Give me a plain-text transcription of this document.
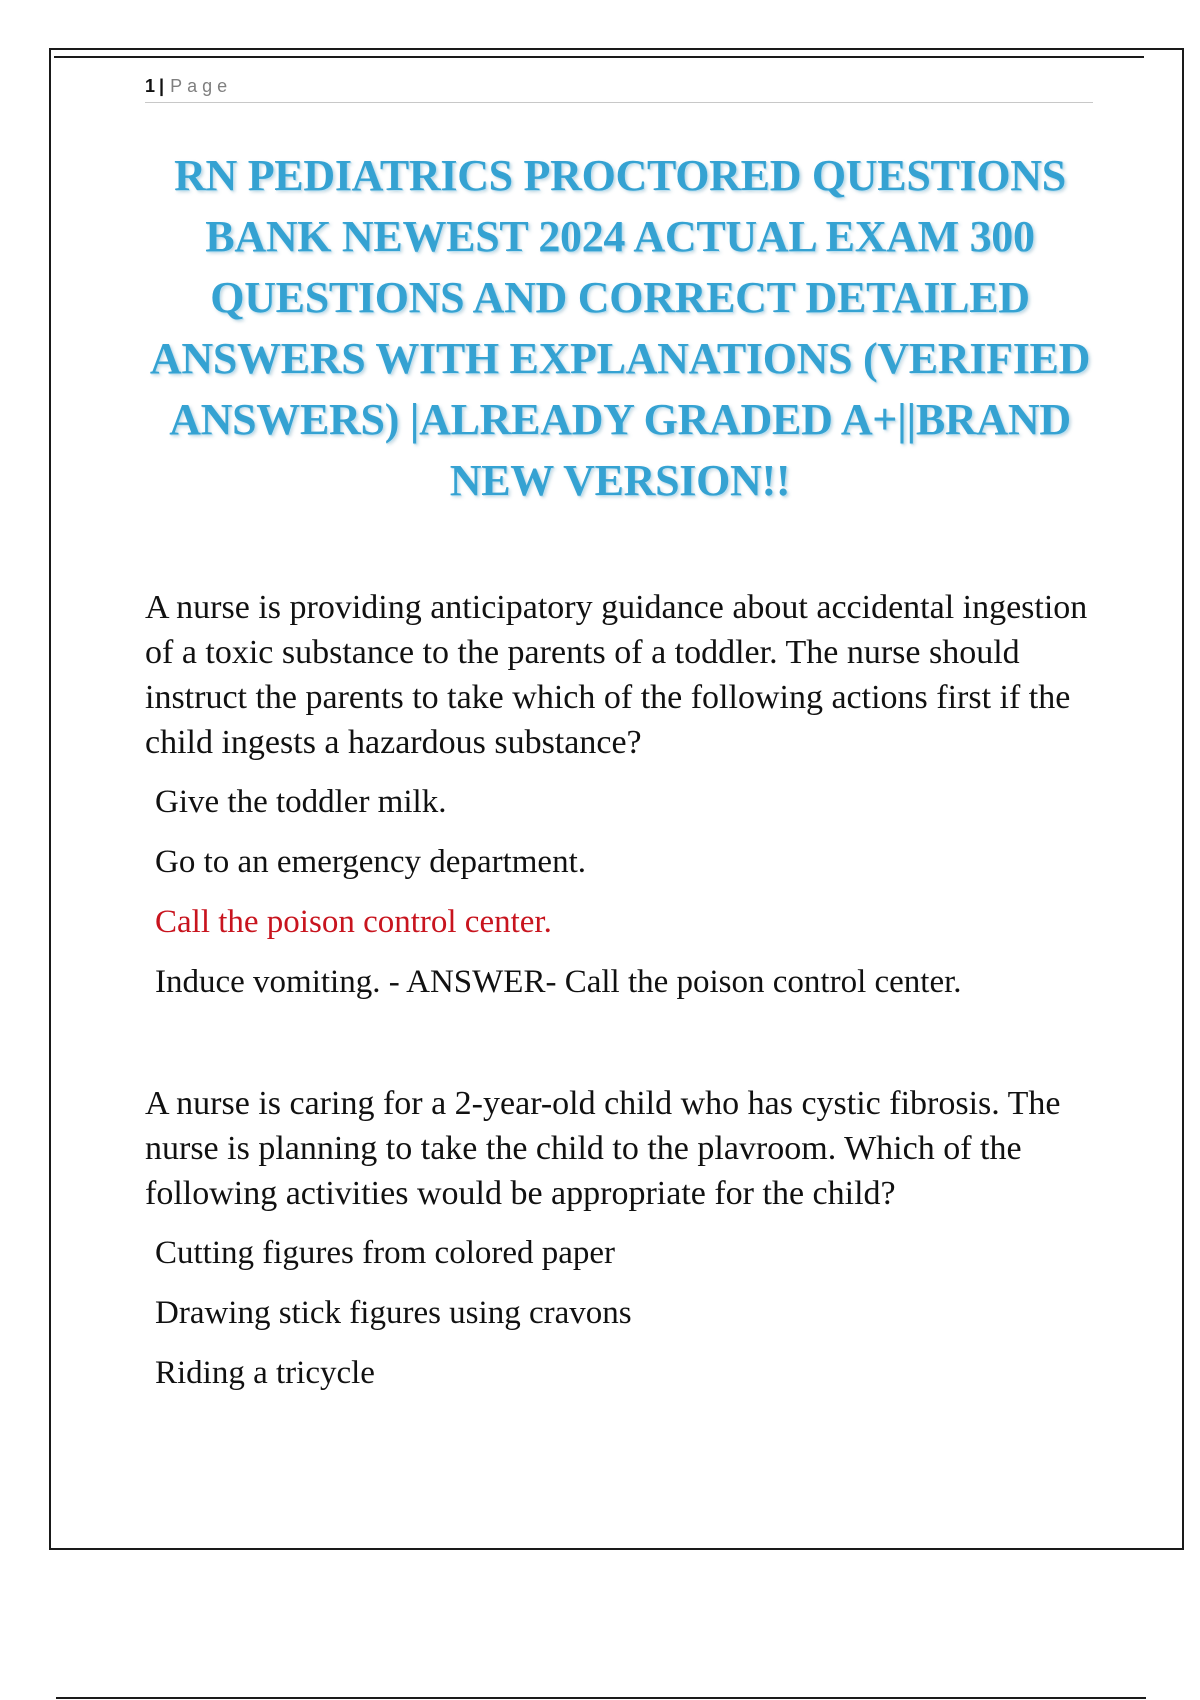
1 | Page
RN PEDIATRICS PROCTORED QUESTIONS BANK NEWEST 2024 ACTUAL EXAM 300 QUESTIONS AND CORRECT DETAILED ANSWERS WITH EXPLANATIONS (VERIFIED ANSWERS) |ALREADY GRADED A+||BRAND NEW VERSION!!

A nurse is providing anticipatory guidance about accidental ingestion of a toxic substance to the parents of a toddler. The nurse should instruct the parents to take which of the following actions first if the child ingests a hazardous substance?

Give the toddler milk.

Go to an emergency department.

Call the poison control center.

Induce vomiting. - ANSWER- Call the poison control center.

A nurse is caring for a 2-year-old child who has cystic fibrosis. The nurse is planning to take the child to the plavroom. Which of the following activities would be appropriate for the child?

Cutting figures from colored paper

Drawing stick figures using cravons

Riding a tricycle
